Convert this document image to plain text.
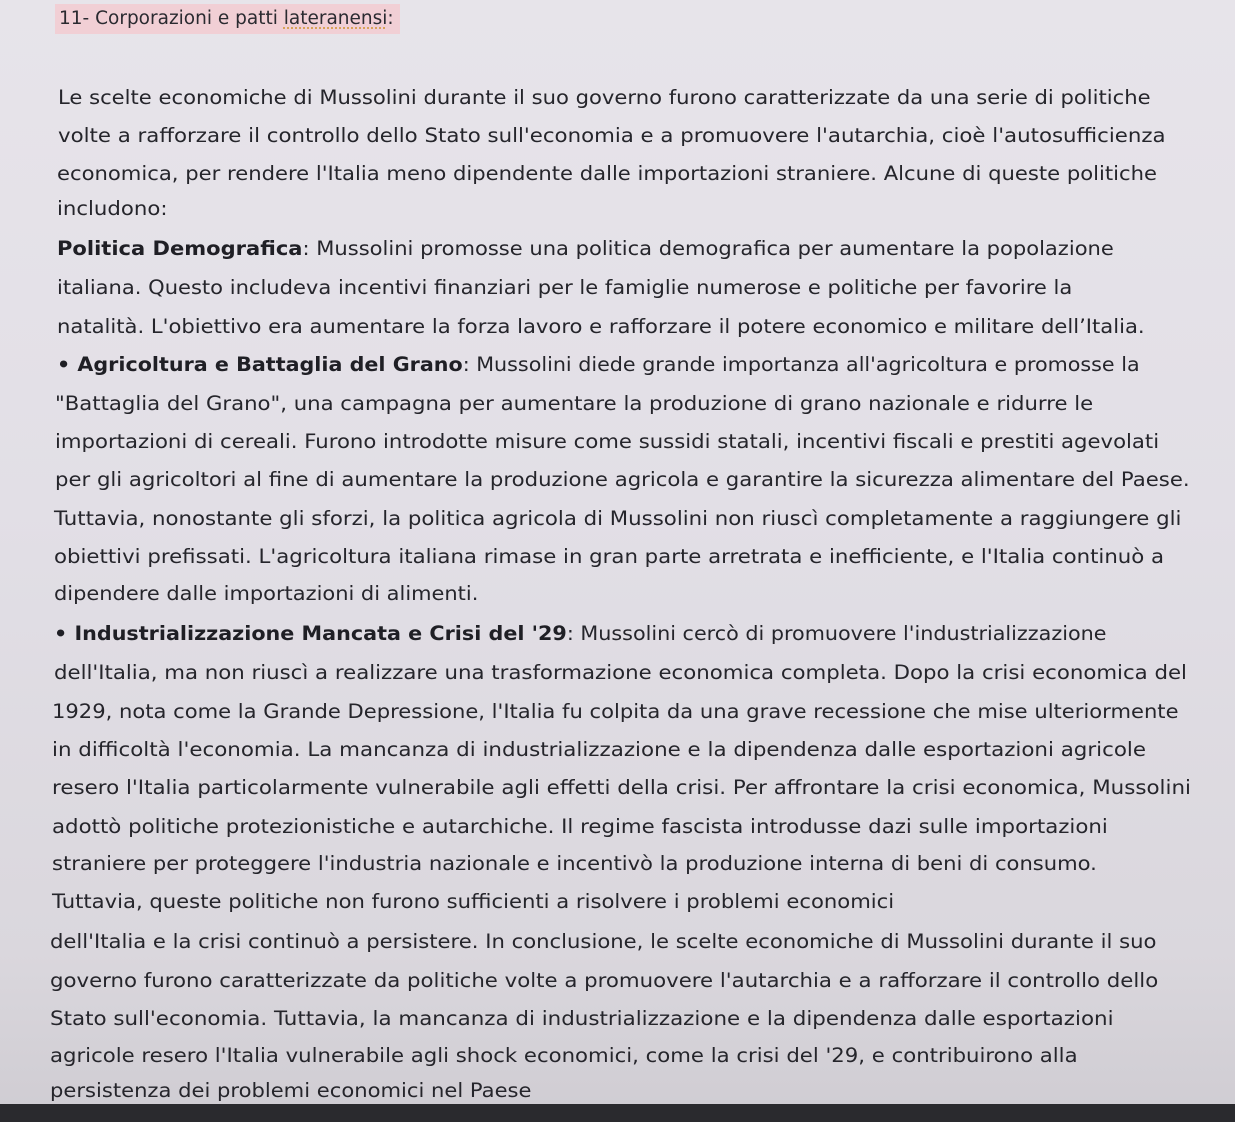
11- Corporazioni e patti lateranensi:
Le scelte economiche di Mussolini durante il suo governo furono caratterizzate da una serie di politiche
volte a rafforzare il controllo dello Stato sull'economia e a promuovere l'autarchia, cioè l'autosufficienza
economica, per rendere l'Italia meno dipendente dalle importazioni straniere. Alcune di queste politiche
includono:
Politica Demografica: Mussolini promosse una politica demografica per aumentare la popolazione
italiana. Questo includeva incentivi finanziari per le famiglie numerose e politiche per favorire la
natalità. L'obiettivo era aumentare la forza lavoro e rafforzare il potere economico e militare dell’Italia.
• Agricoltura e Battaglia del Grano: Mussolini diede grande importanza all'agricoltura e promosse la
"Battaglia del Grano", una campagna per aumentare la produzione di grano nazionale e ridurre le
importazioni di cereali. Furono introdotte misure come sussidi statali, incentivi fiscali e prestiti agevolati
per gli agricoltori al fine di aumentare la produzione agricola e garantire la sicurezza alimentare del Paese.
Tuttavia, nonostante gli sforzi, la politica agricola di Mussolini non riuscì completamente a raggiungere gli
obiettivi prefissati. L'agricoltura italiana rimase in gran parte arretrata e inefficiente, e l'Italia continuò a
dipendere dalle importazioni di alimenti.
• Industrializzazione Mancata e Crisi del '29: Mussolini cercò di promuovere l'industrializzazione
dell'Italia, ma non riuscì a realizzare una trasformazione economica completa. Dopo la crisi economica del
1929, nota come la Grande Depressione, l'Italia fu colpita da una grave recessione che mise ulteriormente
in difficoltà l'economia. La mancanza di industrializzazione e la dipendenza dalle esportazioni agricole
resero l'Italia particolarmente vulnerabile agli effetti della crisi. Per affrontare la crisi economica, Mussolini
adottò politiche protezionistiche e autarchiche. Il regime fascista introdusse dazi sulle importazioni
straniere per proteggere l'industria nazionale e incentivò la produzione interna di beni di consumo.
Tuttavia, queste politiche non furono sufficienti a risolvere i problemi economici
dell'Italia e la crisi continuò a persistere. In conclusione, le scelte economiche di Mussolini durante il suo
governo furono caratterizzate da politiche volte a promuovere l'autarchia e a rafforzare il controllo dello
Stato sull'economia. Tuttavia, la mancanza di industrializzazione e la dipendenza dalle esportazioni
agricole resero l'Italia vulnerabile agli shock economici, come la crisi del '29, e contribuirono alla
persistenza dei problemi economici nel Paese
